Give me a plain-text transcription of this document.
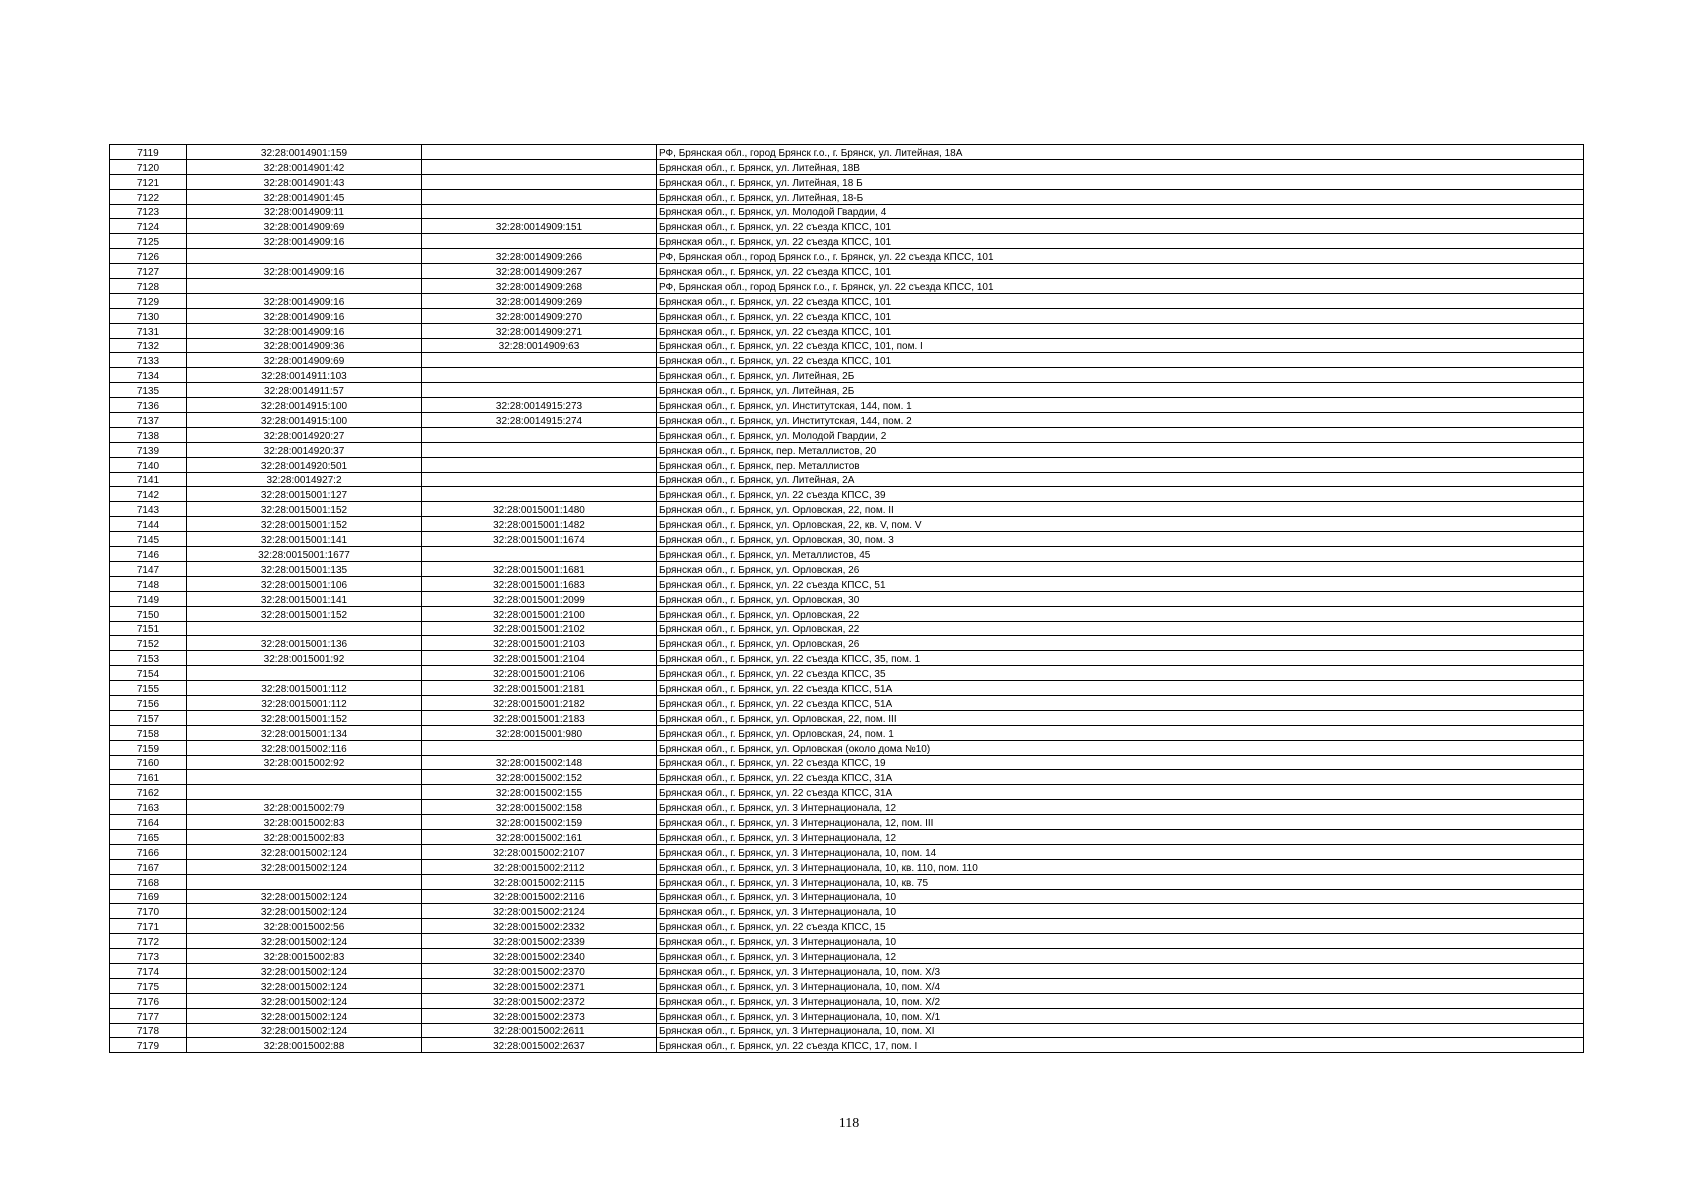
7119	32:28:0014901:159		РФ, Брянская обл., город Брянск г.о., г. Брянск, ул. Литейная, 18А
7120	32:28:0014901:42		Брянская обл., г. Брянск, ул. Литейная, 18В
7121	32:28:0014901:43		Брянская обл., г. Брянск, ул. Литейная, 18 Б
7122	32:28:0014901:45		Брянская обл., г. Брянск, ул. Литейная, 18-Б
7123	32:28:0014909:11		Брянская обл., г. Брянск, ул. Молодой Гвардии, 4
7124	32:28:0014909:69	32:28:0014909:151	Брянская обл., г. Брянск, ул. 22 съезда КПСС, 101
7125	32:28:0014909:16		Брянская обл., г. Брянск, ул. 22 съезда КПСС, 101
7126		32:28:0014909:266	РФ, Брянская обл., город Брянск г.о., г. Брянск, ул. 22 съезда КПСС, 101
7127	32:28:0014909:16	32:28:0014909:267	Брянская обл., г. Брянск, ул. 22 съезда КПСС, 101
7128		32:28:0014909:268	РФ, Брянская обл., город Брянск г.о., г. Брянск, ул. 22 съезда КПСС, 101
7129	32:28:0014909:16	32:28:0014909:269	Брянская обл., г. Брянск, ул. 22 съезда КПСС, 101
7130	32:28:0014909:16	32:28:0014909:270	Брянская обл., г. Брянск, ул. 22 съезда КПСС, 101
7131	32:28:0014909:16	32:28:0014909:271	Брянская обл., г. Брянск, ул. 22 съезда КПСС, 101
7132	32:28:0014909:36	32:28:0014909:63	Брянская обл., г. Брянск, ул. 22 съезда КПСС, 101, пом. I
7133	32:28:0014909:69		Брянская обл., г. Брянск, ул. 22 съезда КПСС, 101
7134	32:28:0014911:103		Брянская обл., г. Брянск, ул. Литейная, 2Б
7135	32:28:0014911:57		Брянская обл., г. Брянск, ул. Литейная, 2Б
7136	32:28:0014915:100	32:28:0014915:273	Брянская обл., г. Брянск, ул. Институтская, 144, пом. 1
7137	32:28:0014915:100	32:28:0014915:274	Брянская обл., г. Брянск, ул. Институтская, 144, пом. 2
7138	32:28:0014920:27		Брянская обл., г. Брянск, ул. Молодой Гвардии, 2
7139	32:28:0014920:37		Брянская обл., г. Брянск, пер. Металлистов, 20
7140	32:28:0014920:501		Брянская обл., г. Брянск, пер. Металлистов
7141	32:28:0014927:2		Брянская обл., г. Брянск, ул. Литейная, 2А
7142	32:28:0015001:127		Брянская обл., г. Брянск, ул. 22 съезда КПСС, 39
7143	32:28:0015001:152	32:28:0015001:1480	Брянская обл., г. Брянск, ул. Орловская, 22, пом. II
7144	32:28:0015001:152	32:28:0015001:1482	Брянская обл., г. Брянск, ул. Орловская, 22, кв. V, пом. V
7145	32:28:0015001:141	32:28:0015001:1674	Брянская обл., г. Брянск, ул. Орловская, 30, пом. 3
7146	32:28:0015001:1677		Брянская обл., г. Брянск, ул. Металлистов, 45
7147	32:28:0015001:135	32:28:0015001:1681	Брянская обл., г. Брянск, ул. Орловская, 26
7148	32:28:0015001:106	32:28:0015001:1683	Брянская обл., г. Брянск, ул. 22 съезда КПСС, 51
7149	32:28:0015001:141	32:28:0015001:2099	Брянская обл., г. Брянск, ул. Орловская, 30
7150	32:28:0015001:152	32:28:0015001:2100	Брянская обл., г. Брянск, ул. Орловская, 22
7151		32:28:0015001:2102	Брянская обл., г. Брянск, ул. Орловская, 22
7152	32:28:0015001:136	32:28:0015001:2103	Брянская обл., г. Брянск, ул. Орловская, 26
7153	32:28:0015001:92	32:28:0015001:2104	Брянская обл., г. Брянск, ул. 22 съезда КПСС, 35, пом. 1
7154		32:28:0015001:2106	Брянская обл., г. Брянск, ул. 22 съезда КПСС, 35
7155	32:28:0015001:112	32:28:0015001:2181	Брянская обл., г. Брянск, ул. 22 съезда КПСС, 51А
7156	32:28:0015001:112	32:28:0015001:2182	Брянская обл., г. Брянск, ул. 22 съезда КПСС, 51А
7157	32:28:0015001:152	32:28:0015001:2183	Брянская обл., г. Брянск, ул. Орловская, 22, пом. III
7158	32:28:0015001:134	32:28:0015001:980	Брянская обл., г. Брянск, ул. Орловская, 24, пом. 1
7159	32:28:0015002:116		Брянская обл., г. Брянск, ул. Орловская (около дома №10)
7160	32:28:0015002:92	32:28:0015002:148	Брянская обл., г. Брянск, ул. 22 съезда КПСС, 19
7161		32:28:0015002:152	Брянская обл., г. Брянск, ул. 22 съезда КПСС, 31А
7162		32:28:0015002:155	Брянская обл., г. Брянск, ул. 22 съезда КПСС, 31А
7163	32:28:0015002:79	32:28:0015002:158	Брянская обл., г. Брянск, ул. 3 Интернационала, 12
7164	32:28:0015002:83	32:28:0015002:159	Брянская обл., г. Брянск, ул. 3 Интернационала, 12, пом. III
7165	32:28:0015002:83	32:28:0015002:161	Брянская обл., г. Брянск, ул. 3 Интернационала, 12
7166	32:28:0015002:124	32:28:0015002:2107	Брянская обл., г. Брянск, ул. 3 Интернационала, 10, пом. 14
7167	32:28:0015002:124	32:28:0015002:2112	Брянская обл., г. Брянск, ул. 3 Интернационала, 10, кв. 110, пом. 110
7168		32:28:0015002:2115	Брянская обл., г. Брянск, ул. 3 Интернационала, 10, кв. 75
7169	32:28:0015002:124	32:28:0015002:2116	Брянская обл., г. Брянск, ул. 3 Интернационала, 10
7170	32:28:0015002:124	32:28:0015002:2124	Брянская обл., г. Брянск, ул. 3 Интернационала, 10
7171	32:28:0015002:56	32:28:0015002:2332	Брянская обл., г. Брянск, ул. 22 съезда КПСС, 15
7172	32:28:0015002:124	32:28:0015002:2339	Брянская обл., г. Брянск, ул. 3 Интернационала, 10
7173	32:28:0015002:83	32:28:0015002:2340	Брянская обл., г. Брянск, ул. 3 Интернационала, 12
7174	32:28:0015002:124	32:28:0015002:2370	Брянская обл., г. Брянск, ул. 3 Интернационала, 10, пом. Х/3
7175	32:28:0015002:124	32:28:0015002:2371	Брянская обл., г. Брянск, ул. 3 Интернационала, 10, пом. Х/4
7176	32:28:0015002:124	32:28:0015002:2372	Брянская обл., г. Брянск, ул. 3 Интернационала, 10, пом. Х/2
7177	32:28:0015002:124	32:28:0015002:2373	Брянская обл., г. Брянск, ул. 3 Интернационала, 10, пом. Х/1
7178	32:28:0015002:124	32:28:0015002:2611	Брянская обл., г. Брянск, ул. 3 Интернационала, 10, пом. XI
7179	32:28:0015002:88	32:28:0015002:2637	Брянская обл., г. Брянск, ул. 22 съезда КПСС, 17, пом. I
118
